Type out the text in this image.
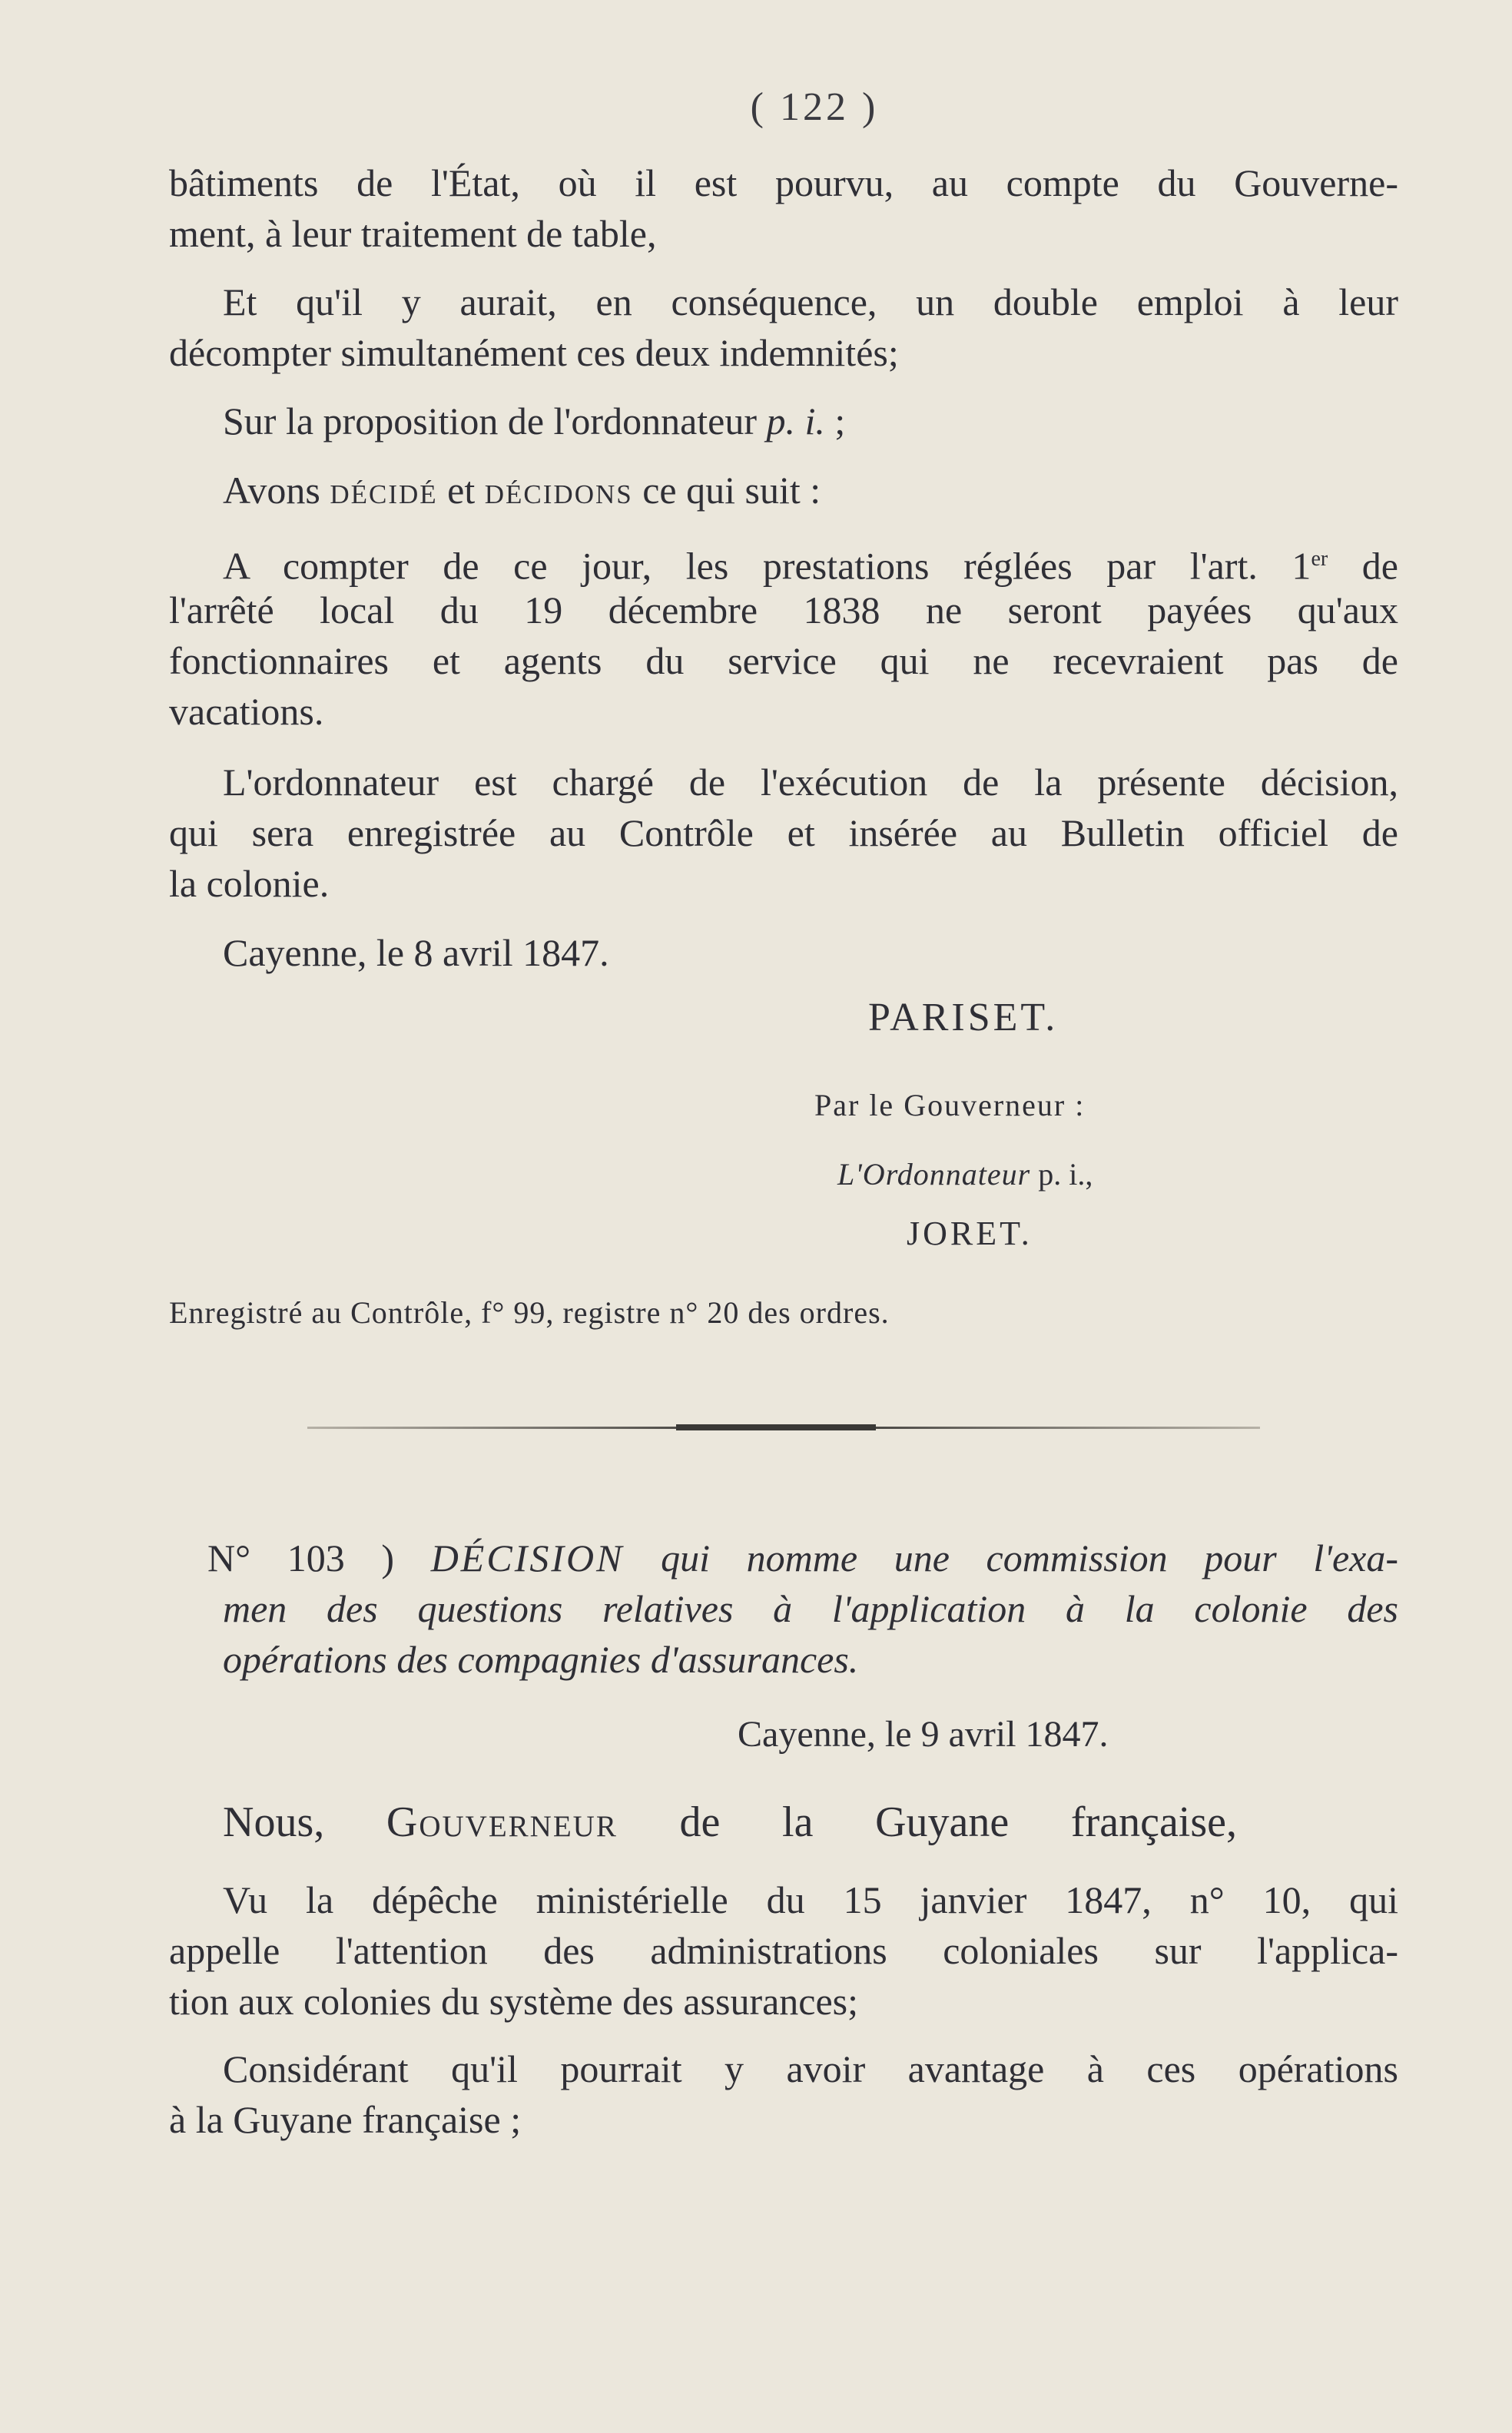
( 122 )
bâtiments de l'État, où il est pourvu, au compte du Gouverne-
ment, à leur traitement de table,
Et qu'il y aurait, en conséquence, un double emploi à leur
décompter simultanément ces deux indemnités;
Sur la proposition de l'ordonnateur p. i. ;
Avons décidé et décidons ce qui suit :
A compter de ce jour, les prestations réglées par l'art. 1er de
l'arrêté local du 19 décembre 1838 ne seront payées qu'aux
fonctionnaires et agents du service qui ne recevraient pas de
vacations.
L'ordonnateur est chargé de l'exécution de la présente décision,
qui sera enregistrée au Contrôle et insérée au Bulletin officiel de
la colonie.
Cayenne, le 8 avril 1847.
PARISET.
Par le Gouverneur :
L'Ordonnateur p. i.,
JORET.
Enregistré au Contrôle, f° 99, registre n° 20 des ordres.
N° 103 ) DÉCISION qui nomme une commission pour l'exa-
men des questions relatives à l'application à la colonie des
opérations des compagnies d'assurances.
Cayenne, le 9 avril 1847.
Nous, Gouverneur de la Guyane française,
Vu la dépêche ministérielle du 15 janvier 1847, n° 10, qui
appelle l'attention des administrations coloniales sur l'applica-
tion aux colonies du système des assurances;
Considérant qu'il pourrait y avoir avantage à ces opérations
à la Guyane française ;
